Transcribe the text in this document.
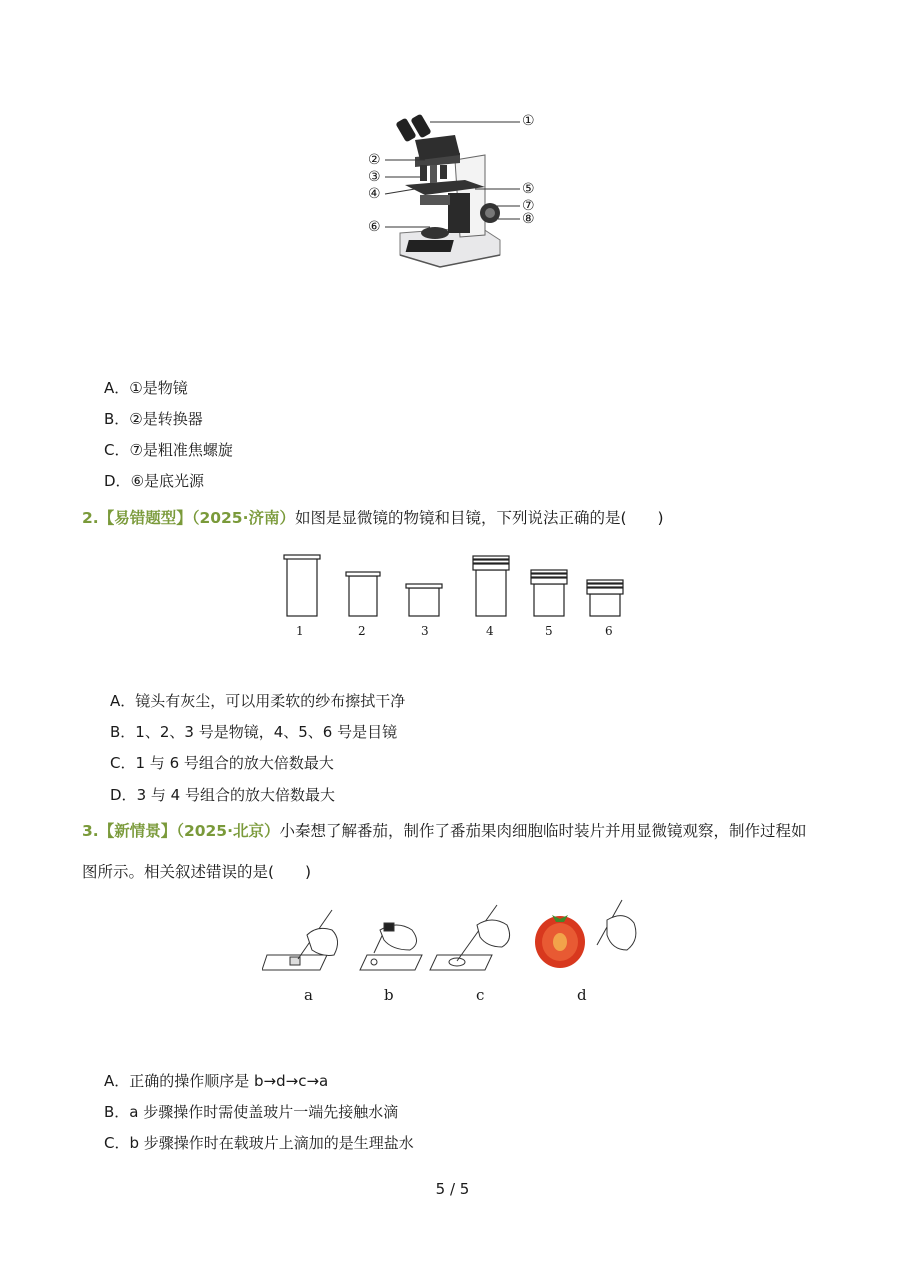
①
②
③
④	⑤
⑦
⑧
⑥
A．①是物镜
B．②是转换器
C．⑦是粗准焦螺旋
D．⑥是底光源
2.【易错题型】（2025·济南）如图是显微镜的物镜和目镜，下列说法正确的是(　　)
1	2	3	4	5	6
A．镜头有灰尘，可以用柔软的纱布擦拭干净
B．1、2、3 号是物镜，4、5、6 号是目镜
C．1 与 6 号组合的放大倍数最大
D．3 与 4 号组合的放大倍数最大
3.【新情景】（2025·北京）小秦想了解番茄，制作了番茄果肉细胞临时装片并用显微镜观察，制作过程如
图所示。相关叙述错误的是(　　)
a	b	c	d
A．正确的操作顺序是 b→d→c→a
B．a 步骤操作时需使盖玻片一端先接触水滴
C．b 步骤操作时在载玻片上滴加的是生理盐水
5 / 5
